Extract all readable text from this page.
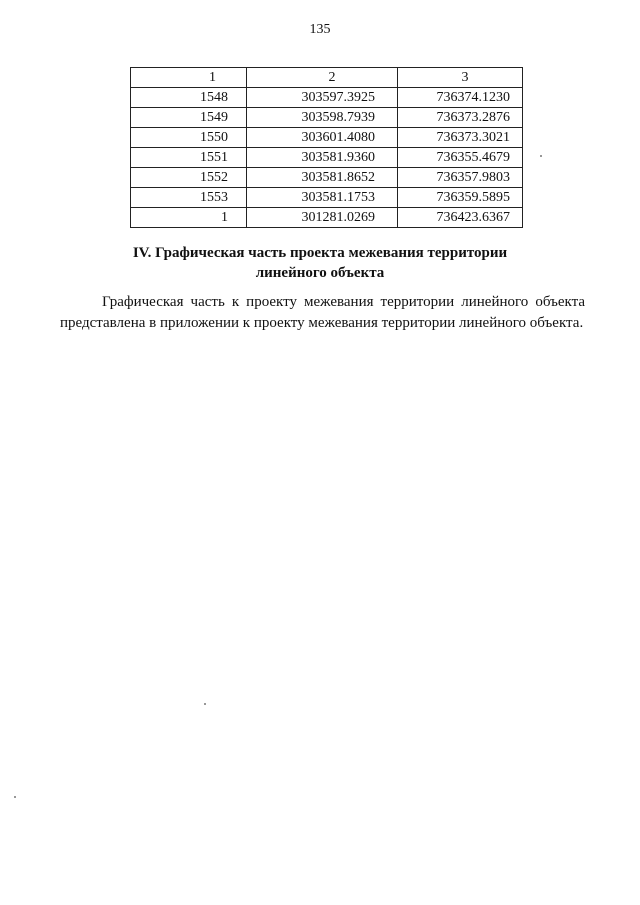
135
1	2	3
1548	303597.3925	736374.1230
1549	303598.7939	736373.2876
1550	303601.4080	736373.3021
1551	303581.9360	736355.4679
1552	303581.8652	736357.9803
1553	303581.1753	736359.5895
1	301281.0269	736423.6367
IV. Графическая часть проекта межевания территории
линейного объекта
Графическая часть к проекту межевания территории линейного объекта представлена в приложении к проекту межевания территории линейного объекта.
